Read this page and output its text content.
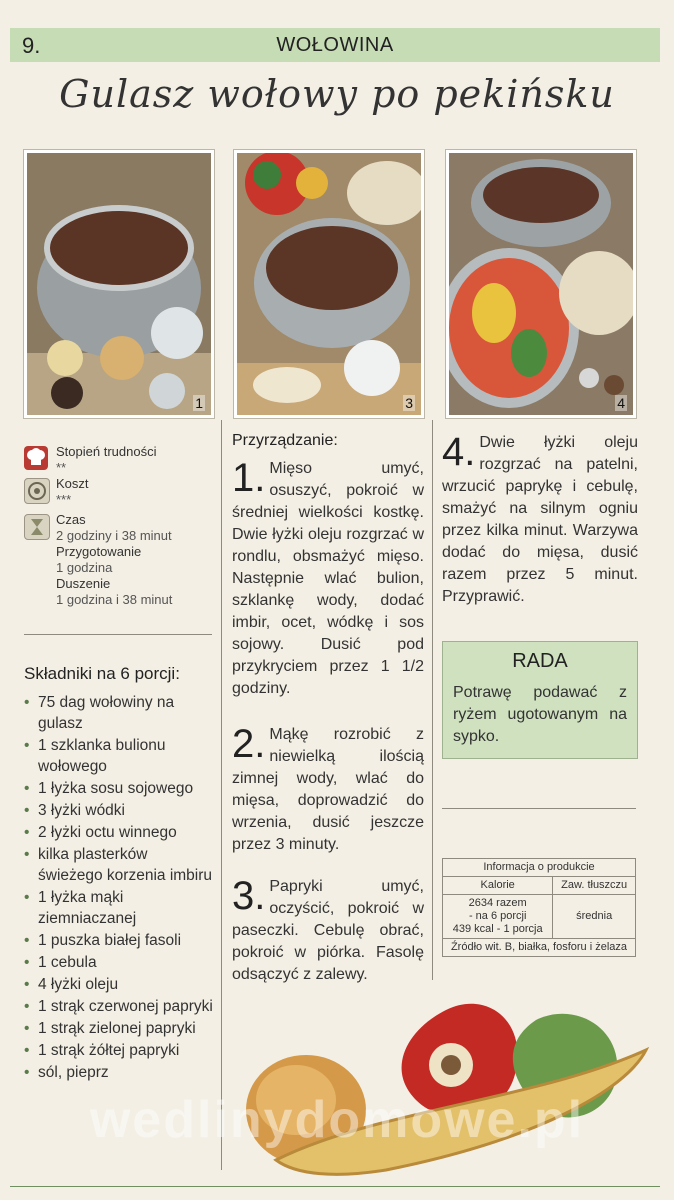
9.	WOŁOWINA
Gulasz wołowy po pekińsku
1	3	4
Stopień trudności
**
Koszt
***
Czas
2 godziny i 38 minut
Przygotowanie
1 godzina
Duszenie
1 godzina i 38 minut
Składniki na 6 porcji:
• 75 dag wołowiny na gulasz
• 1 szklanka bulionu wołowego
• 1 łyżka sosu sojowego
• 3 łyżki wódki
• 2 łyżki octu winnego
• kilka plasterków świeżego korzenia imbiru
• 1 łyżka mąki ziemniaczanej
• 1 puszka białej fasoli
• 1 cebula
• 4 łyżki oleju
• 1 strąk czerwonej papryki
• 1 strąk zielonej papryki
• 1 strąk żółtej papryki
• sól, pieprz
Przyrządzanie:
1. Mięso umyć, osuszyć, pokroić w średniej wielkości kostkę. Dwie łyżki oleju rozgrzać w rondlu, obsmażyć mięso. Następnie wlać bulion, szklankę wody, dodać imbir, ocet, wódkę i sos sojowy. Dusić pod przykryciem przez 1 1/2 godziny.
2. Mąkę rozrobić z niewielką ilością zimnej wody, wlać do mięsa, doprowadzić do wrzenia, dusić jeszcze przez 3 minuty.
3. Papryki umyć, oczyścić, pokroić w paseczki. Cebulę obrać, pokroić w piórka. Fasolę odsączyć z zalewy.
4. Dwie łyżki oleju rozgrzać na patelni, wrzucić paprykę i cebulę, smażyć na silnym ogniu przez kilka minut. Warzywa dodać do mięsa, dusić razem przez 5 minut. Przyprawić.
RADA
Potrawę podawać z ryżem ugotowanym na sypko.
Informacja o produkcie	
Kalorie	Zaw. tłuszczu

2634 razem
- na 6 porcji
439 kcal - 1 porcja	średnia
Źródło wit. B, białka, fosforu i żelaza	
wedlinydomowe.pl
